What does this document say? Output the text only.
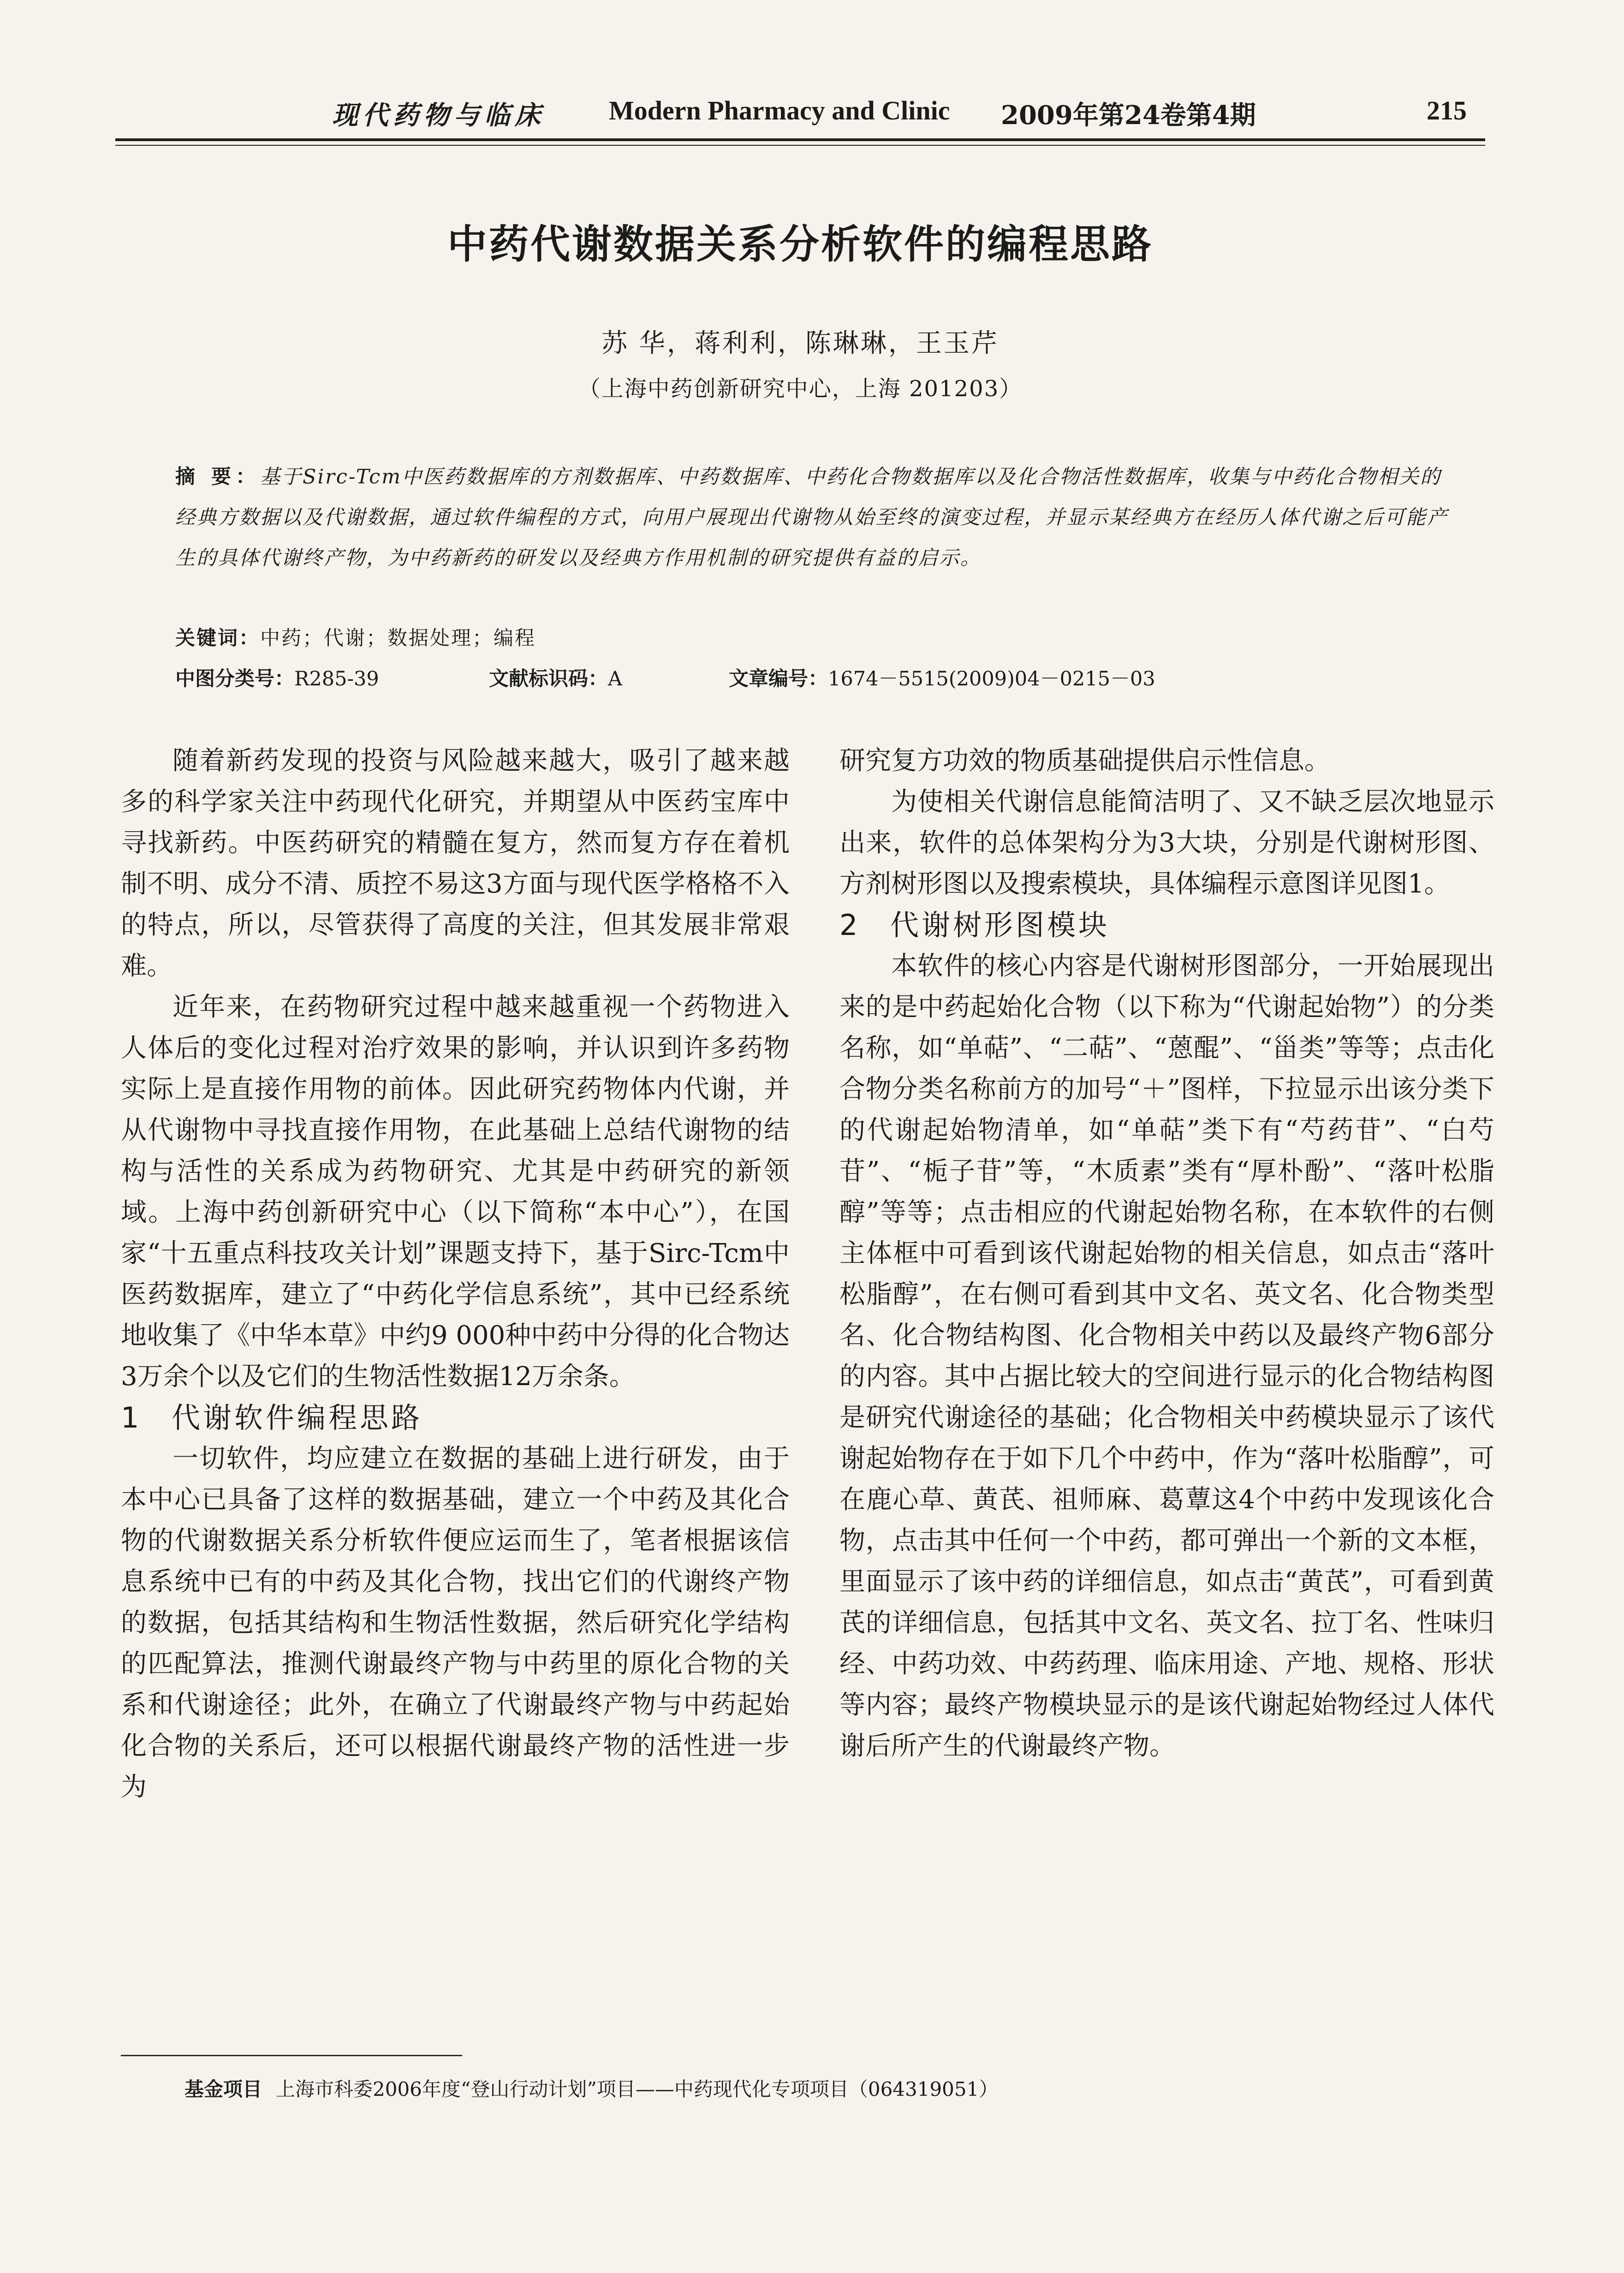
现代药物与临床 Modern Pharmacy and Clinic 2009年第24卷第4期	215
中药代谢数据关系分析软件的编程思路
苏 华，蒋利利，陈琳琳，王玉芹
（上海中药创新研究中心，上海 201203）
摘 要：基于Sirc-Tcm中医药数据库的方剂数据库、中药数据库、中药化合物数据库以及化合物活性数据库，收集与中药化合物相关的经典方数据以及代谢数据，通过软件编程的方式，向用户展现出代谢物从始至终的演变过程，并显示某经典方在经历人体代谢之后可能产生的具体代谢终产物，为中药新药的研发以及经典方作用机制的研究提供有益的启示。
关键词：中药；代谢；数据处理；编程
中图分类号：R285-39	文献标识码：A	文章编号：1674－5515(2009)04－0215－03

随着新药发现的投资与风险越来越大，吸引了越来越多的科学家关注中药现代化研究，并期望从中医药宝库中寻找新药。中医药研究的精髓在复方，然而复方存在着机制不明、成分不清、质控不易这3方面与现代医学格格不入的特点，所以，尽管获得了高度的关注，但其发展非常艰难。

近年来，在药物研究过程中越来越重视一个药物进入人体后的变化过程对治疗效果的影响，并认识到许多药物实际上是直接作用物的前体。因此研究药物体内代谢，并从代谢物中寻找直接作用物，在此基础上总结代谢物的结构与活性的关系成为药物研究、尤其是中药研究的新领域。上海中药创新研究中心（以下简称“本中心”），在国家“十五重点科技攻关计划”课题支持下，基于Sirc-Tcm中医药数据库，建立了“中药化学信息系统”，其中已经系统地收集了《中华本草》中约9 000种中药中分得的化合物达3万余个以及它们的生物活性数据12万余条。

1 代谢软件编程思路

一切软件，均应建立在数据的基础上进行研发，由于本中心已具备了这样的数据基础，建立一个中药及其化合物的代谢数据关系分析软件便应运而生了，笔者根据该信息系统中已有的中药及其化合物，找出它们的代谢终产物的数据，包括其结构和生物活性数据，然后研究化学结构的匹配算法，推测代谢最终产物与中药里的原化合物的关系和代谢途径；此外，在确立了代谢最终产物与中药起始化合物的关系后，还可以根据代谢最终产物的活性进一步为

研究复方功效的物质基础提供启示性信息。

为使相关代谢信息能简洁明了、又不缺乏层次地显示出来，软件的总体架构分为3大块，分别是代谢树形图、方剂树形图以及搜索模块，具体编程示意图详见图1。

2 代谢树形图模块

本软件的核心内容是代谢树形图部分，一开始展现出来的是中药起始化合物（以下称为“代谢起始物”）的分类名称，如“单萜”、“二萜”、“蒽醌”、“甾类”等等；点击化合物分类名称前方的加号“＋”图样，下拉显示出该分类下的代谢起始物清单，如“单萜”类下有“芍药苷”、“白芍苷”、“栀子苷”等，“木质素”类有“厚朴酚”、“落叶松脂醇”等等；点击相应的代谢起始物名称，在本软件的右侧主体框中可看到该代谢起始物的相关信息，如点击“落叶松脂醇”，在右侧可看到其中文名、英文名、化合物类型名、化合物结构图、化合物相关中药以及最终产物6部分的内容。其中占据比较大的空间进行显示的化合物结构图是研究代谢途径的基础；化合物相关中药模块显示了该代谢起始物存在于如下几个中药中，作为“落叶松脂醇”，可在鹿心草、黄芪、祖师麻、葛蕈这4个中药中发现该化合物，点击其中任何一个中药，都可弹出一个新的文本框，里面显示了该中药的详细信息，如点击“黄芪”，可看到黄芪的详细信息，包括其中文名、英文名、拉丁名、性味归经、中药功效、中药药理、临床用途、产地、规格、形状等内容；最终产物模块显示的是该代谢起始物经过人体代谢后所产生的代谢最终产物。

基金项目 上海市科委2006年度“登山行动计划”项目——中药现代化专项项目（064319051）
